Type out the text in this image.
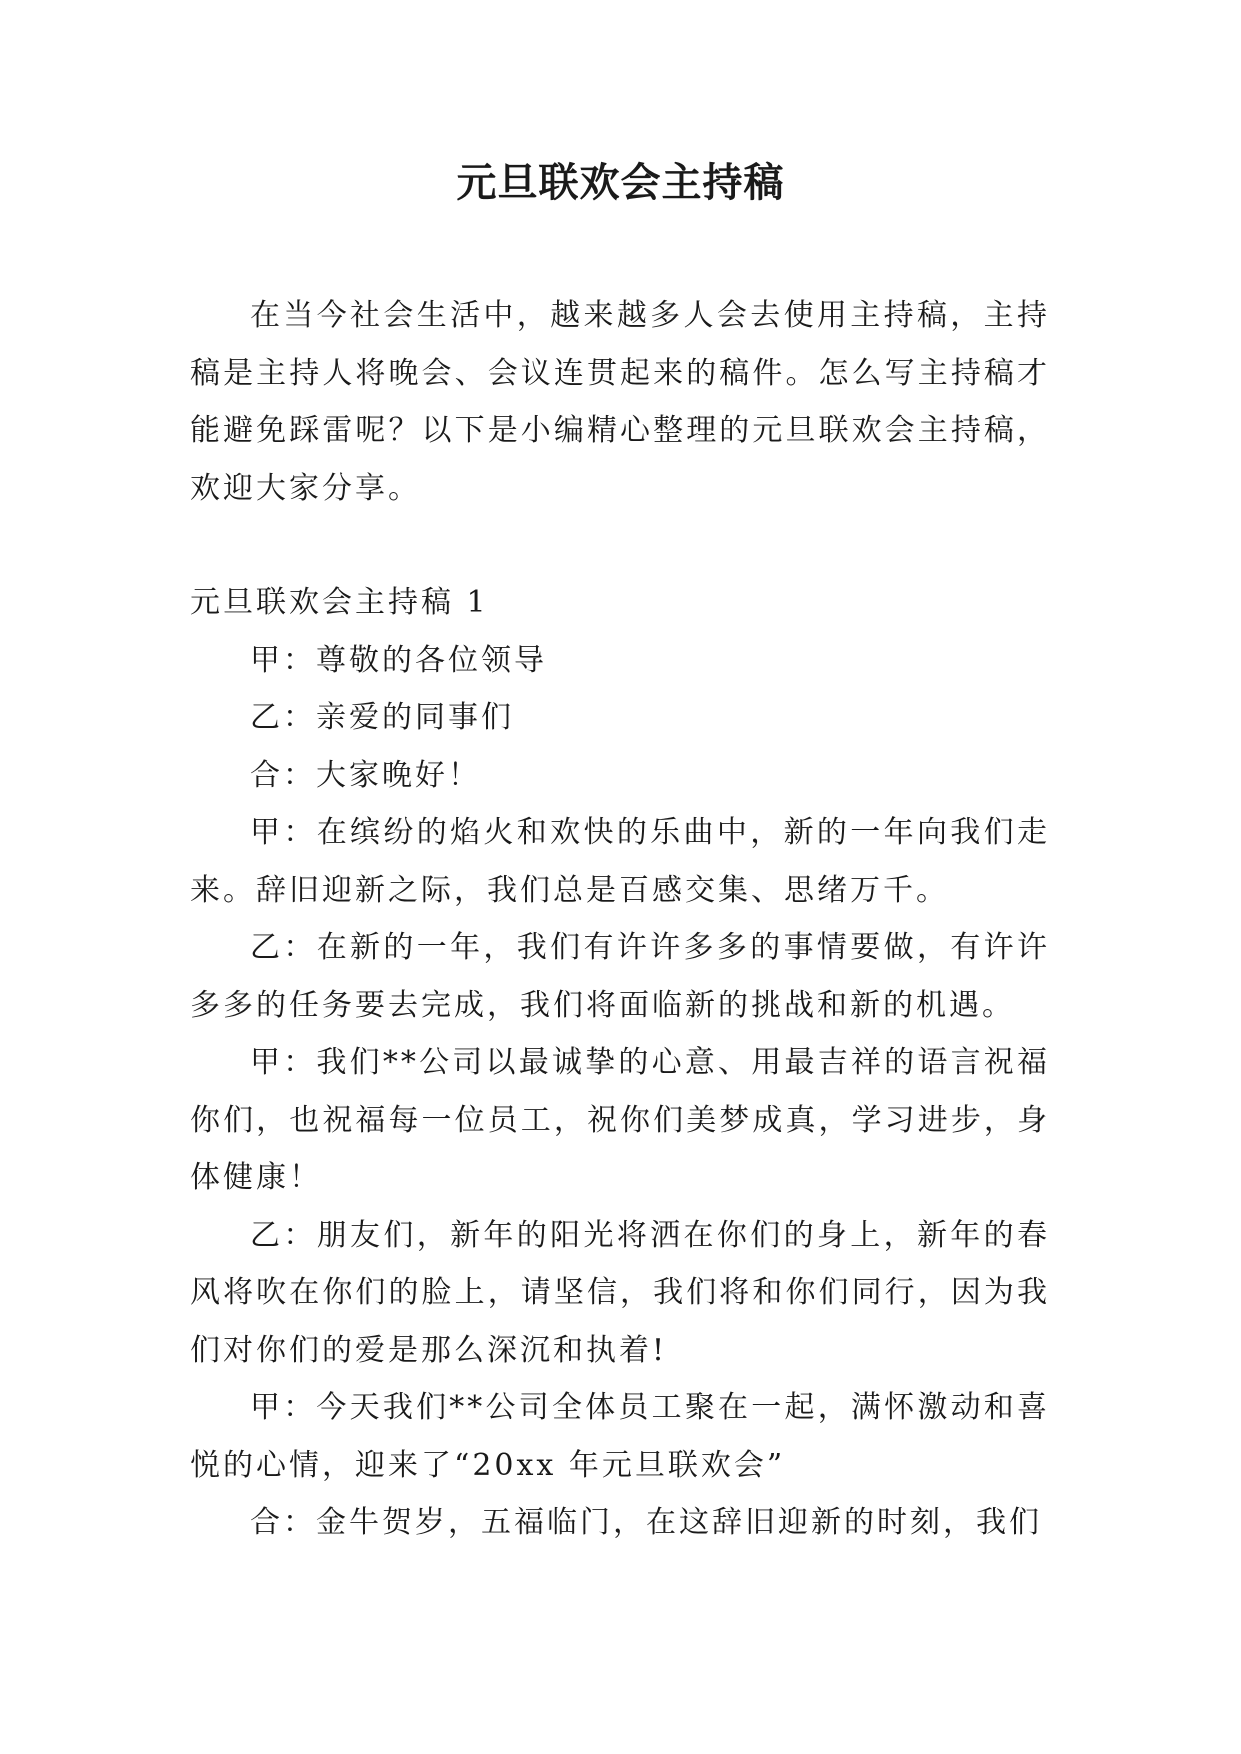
元旦联欢会主持稿

在当今社会生活中，越来越多人会去使用主持稿，主持稿是主持人将晚会、会议连贯起来的稿件。怎么写主持稿才能避免踩雷呢？以下是小编精心整理的元旦联欢会主持稿，欢迎大家分享。

元旦联欢会主持稿 1

甲：尊敬的各位领导

乙：亲爱的同事们

合：大家晚好！

甲：在缤纷的焰火和欢快的乐曲中，新的一年向我们走来。辞旧迎新之际，我们总是百感交集、思绪万千。

乙：在新的一年，我们有许许多多的事情要做，有许许多多的任务要去完成，我们将面临新的挑战和新的机遇。

甲：我们**公司以最诚挚的心意、用最吉祥的语言祝福你们，也祝福每一位员工，祝你们美梦成真，学习进步，身体健康！

乙：朋友们，新年的阳光将洒在你们的身上，新年的春风将吹在你们的脸上，请坚信，我们将和你们同行，因为我们对你们的爱是那么深沉和执着!

甲：今天我们**公司全体员工聚在一起，满怀激动和喜悦的心情，迎来了“20xx 年元旦联欢会”

合：金牛贺岁，五福临门，在这辞旧迎新的时刻，我们
